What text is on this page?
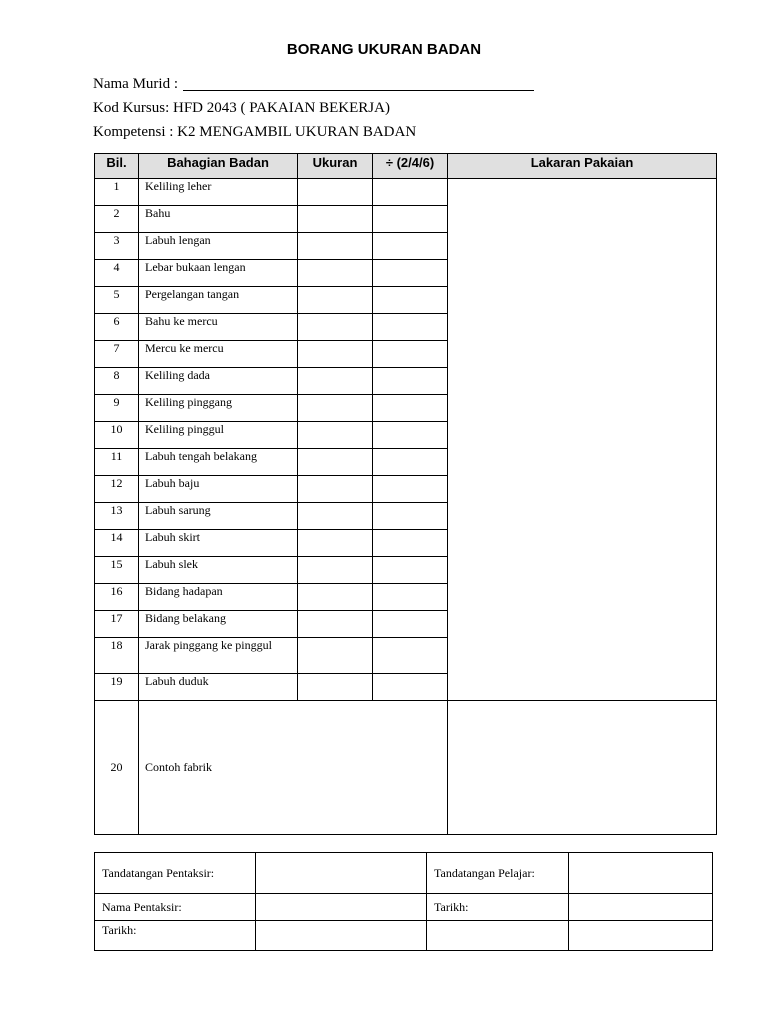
BORANG UKURAN BADAN
Nama Murid :
Kod Kursus: HFD 2043 ( PAKAIAN BEKERJA)
Kompetensi : K2 MENGAMBIL UKURAN BADAN
Bil.	Bahagian Badan	Ukuran	÷ (2/4/6)	Lakaran Pakaian
1	Keliling leher			
2	Bahu			
3	Labuh lengan			
4	Lebar bukaan lengan			
5	Pergelangan tangan			
6	Bahu ke mercu			
7	Mercu ke mercu			
8	Keliling dada			
9	Keliling pinggang			
10	Keliling pinggul			
11	Labuh tengah belakang			
12	Labuh baju			
13	Labuh sarung			
14	Labuh skirt			
15	Labuh slek			
16	Bidang hadapan			
17	Bidang belakang			
18	Jarak pinggang ke pinggul			
19	Labuh duduk			
20	Contoh fabrik			
Tandatangan Pentaksir:		Tandatangan Pelajar:	
Nama Pentaksir:		Tarikh:	
Tarikh:			
